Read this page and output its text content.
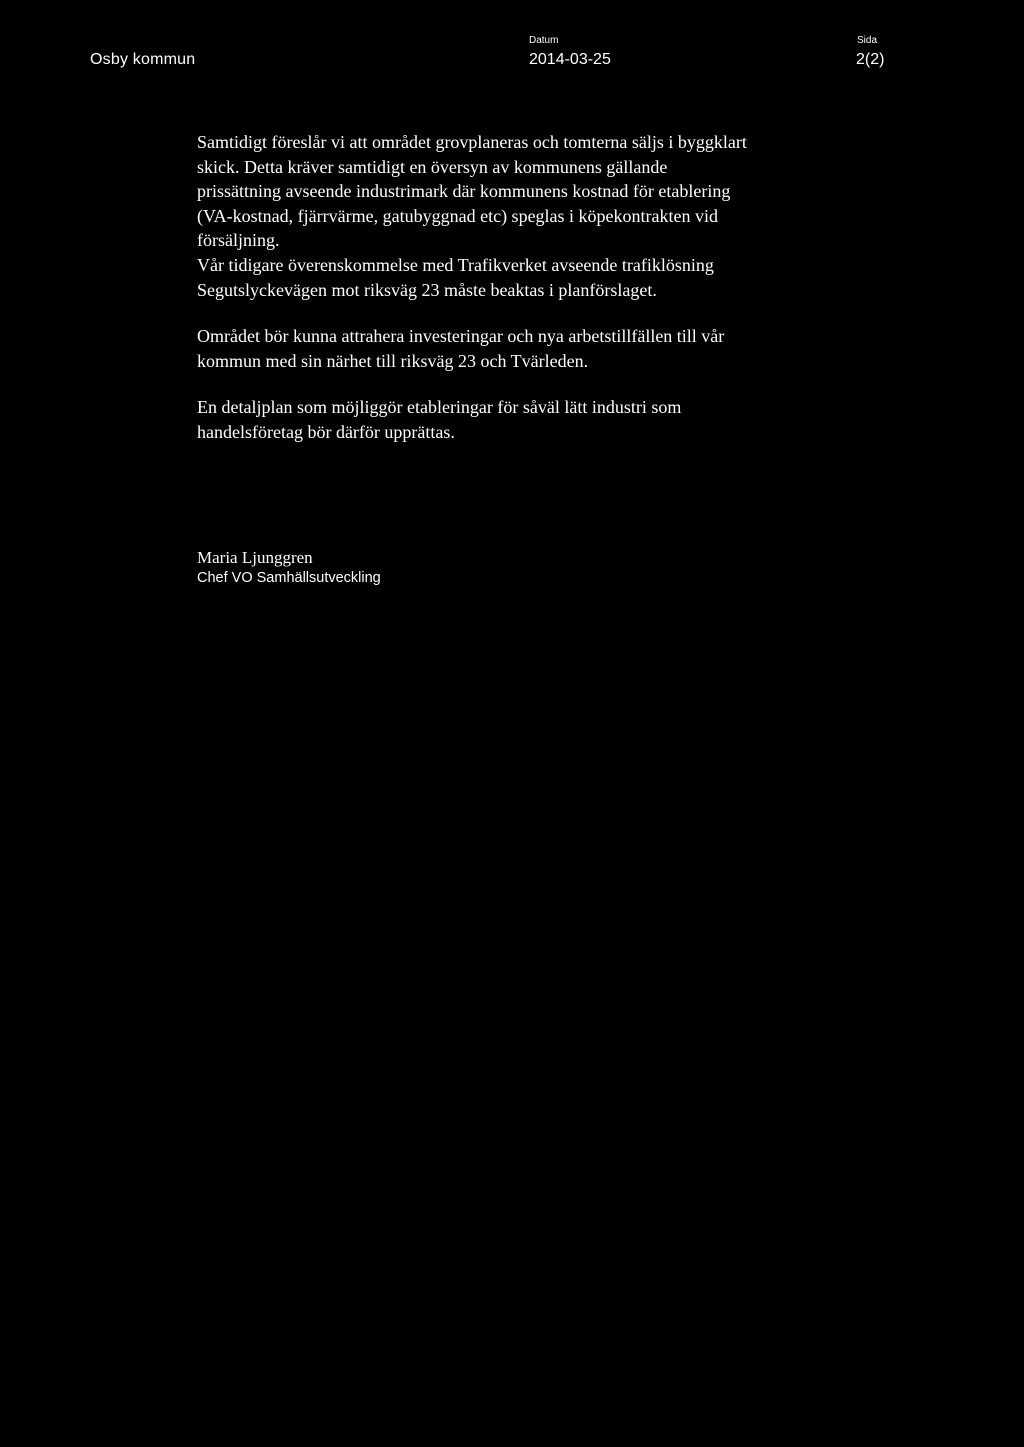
Osby kommun
Datum
2014-03-25
Sida
2(2)
Samtidigt föreslår vi att området grovplaneras och tomterna säljs i byggklart
skick. Detta kräver samtidigt en översyn av kommunens gällande
prissättning avseende industrimark där kommunens kostnad för etablering
(VA-kostnad, fjärrvärme, gatubyggnad etc) speglas i köpekontrakten vid
försäljning.
Vår tidigare överenskommelse med Trafikverket avseende trafiklösning
Segutslyckevägen mot riksväg 23 måste beaktas i planförslaget.
Området bör kunna attrahera investeringar och nya arbetstillfällen till vår
kommun med sin närhet till riksväg 23 och Tvärleden.
En detaljplan som möjliggör etableringar för såväl lätt industri som
handelsföretag bör därför upprättas.
Maria Ljunggren
Chef VO Samhällsutveckling
